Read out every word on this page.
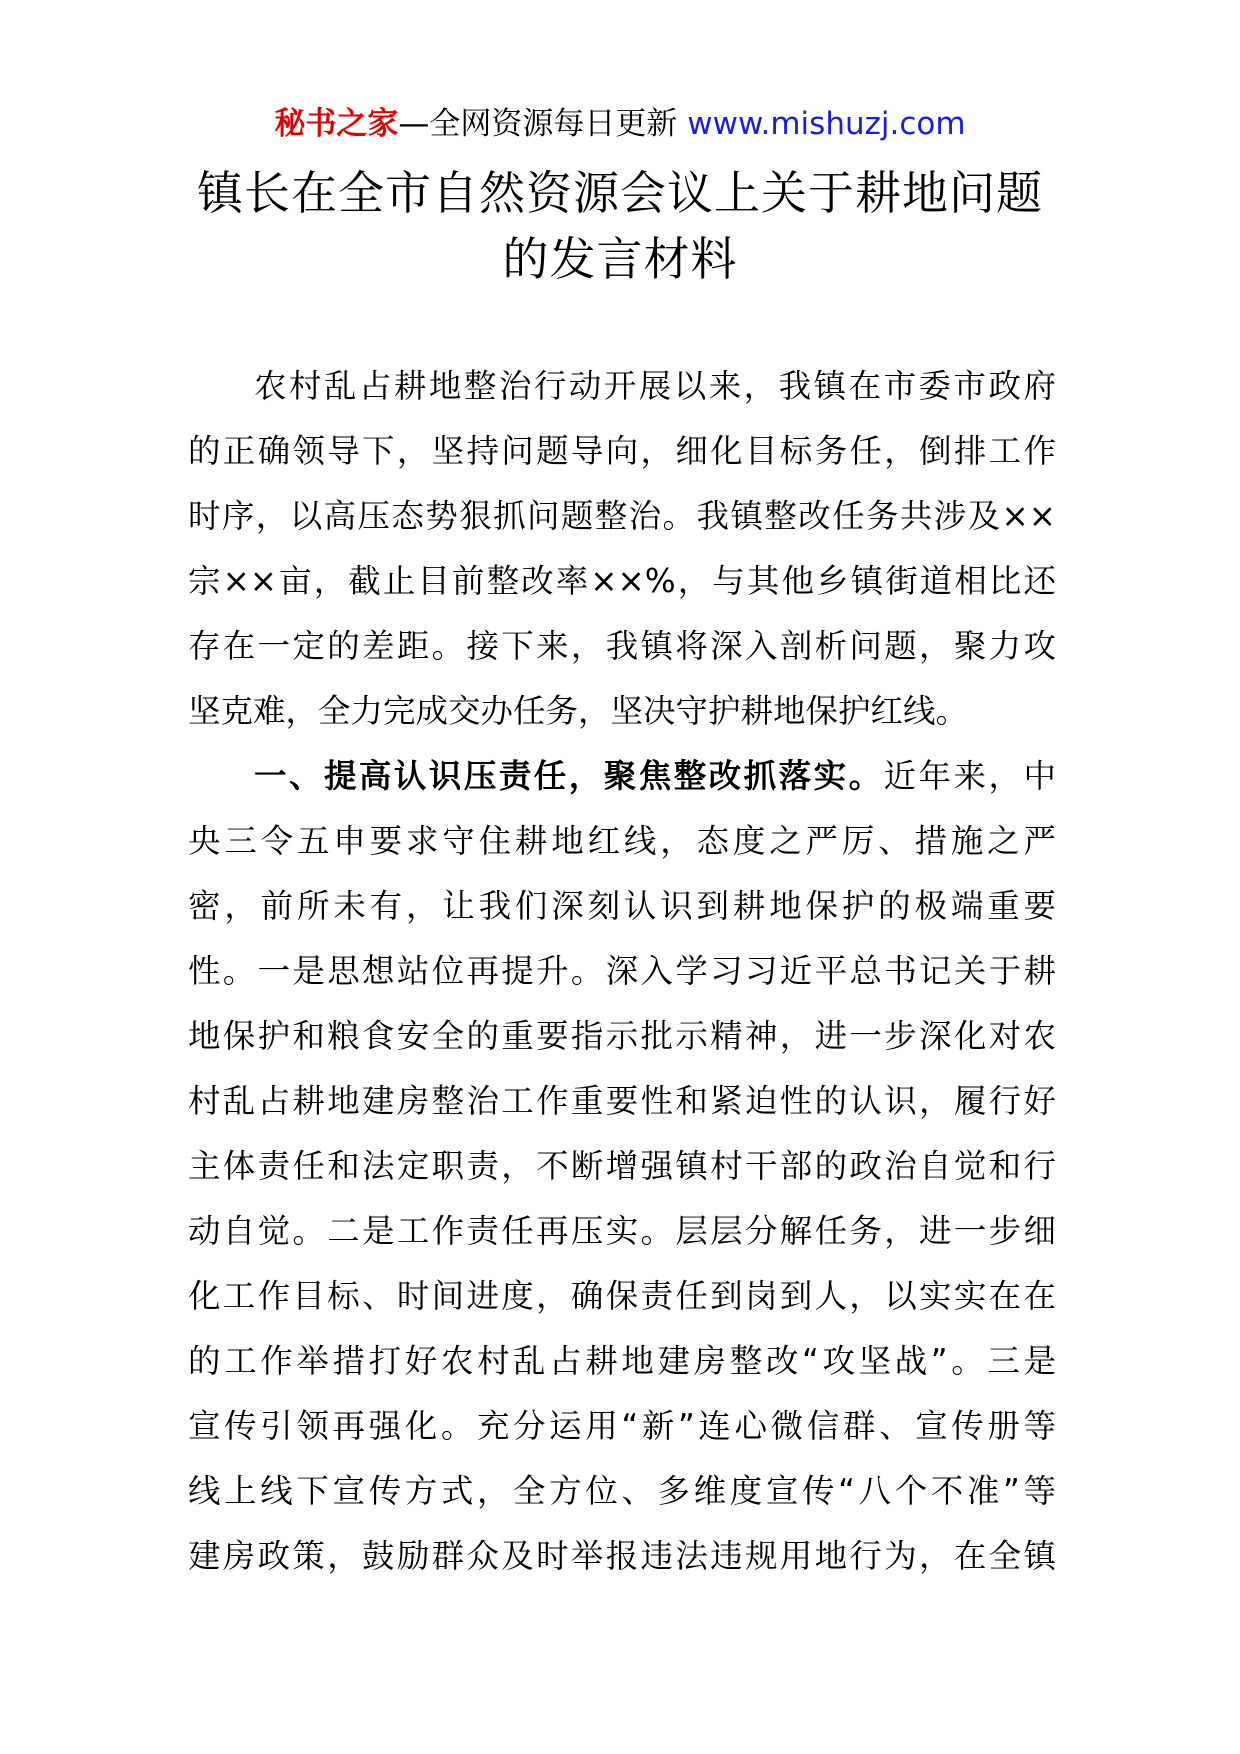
秘书之家—全网资源每日更新 www.mishuzj.com
镇长在全市自然资源会议上关于耕地问题
的发言材料
农村乱占耕地整治行动开展以来，我镇在市委市政府
的正确领导下，坚持问题导向，细化目标务任，倒排工作
时序，以高压态势狠抓问题整治。我镇整改任务共涉及××
宗××亩，截止目前整改率××%，与其他乡镇街道相比还
存在一定的差距。接下来，我镇将深入剖析问题，聚力攻
坚克难，全力完成交办任务，坚决守护耕地保护红线。
一、提高认识压责任，聚焦整改抓落实。近年来，中
央三令五申要求守住耕地红线，态度之严厉、措施之严
密，前所未有，让我们深刻认识到耕地保护的极端重要
性。一是思想站位再提升。深入学习习近平总书记关于耕
地保护和粮食安全的重要指示批示精神，进一步深化对农
村乱占耕地建房整治工作重要性和紧迫性的认识，履行好
主体责任和法定职责，不断增强镇村干部的政治自觉和行
动自觉。二是工作责任再压实。层层分解任务，进一步细
化工作目标、时间进度，确保责任到岗到人，以实实在在
的工作举措打好农村乱占耕地建房整改“攻坚战”。三是
宣传引领再强化。充分运用“新”连心微信群、宣传册等
线上线下宣传方式，全方位、多维度宣传“八个不准”等
建房政策，鼓励群众及时举报违法违规用地行为，在全镇
